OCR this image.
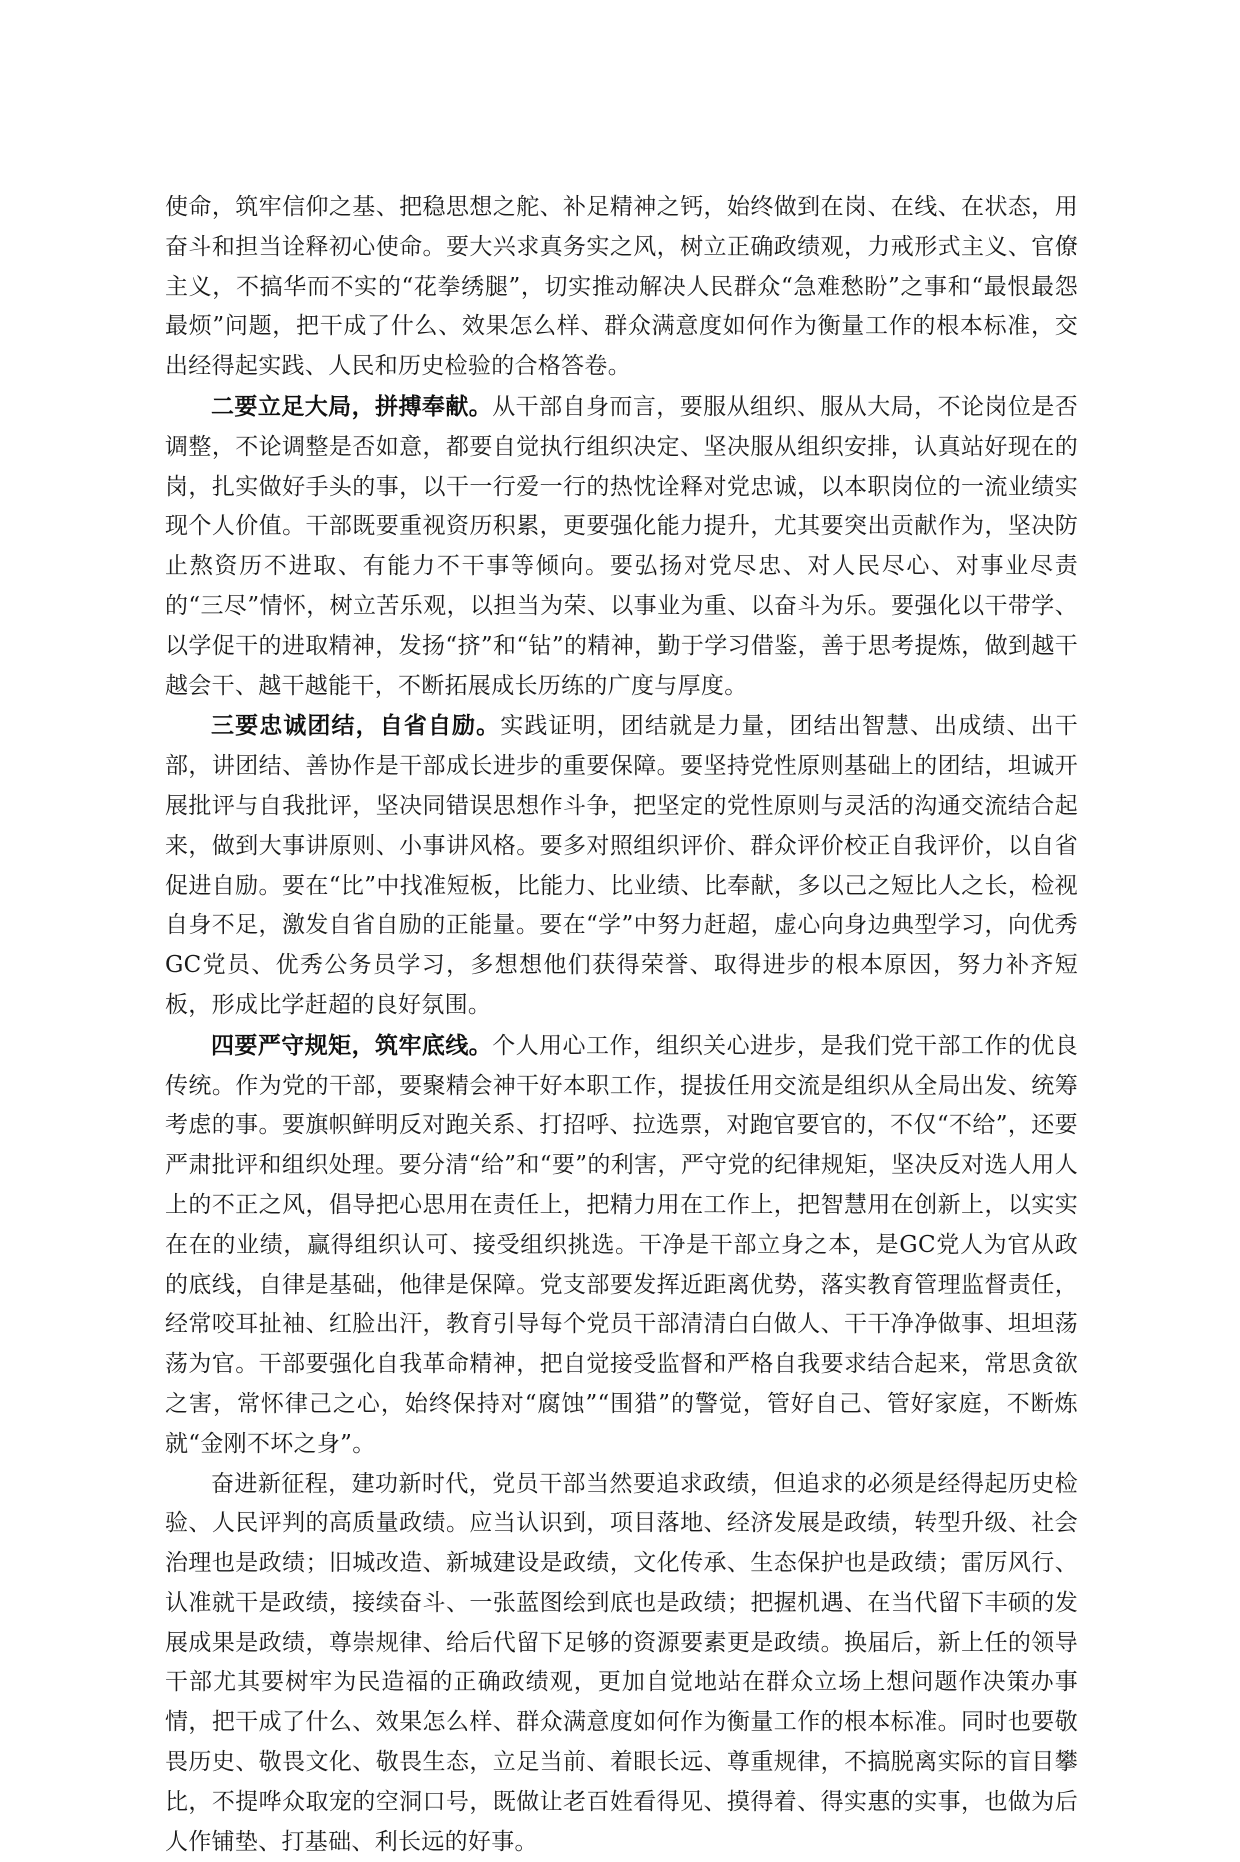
使命，筑牢信仰之基、把稳思想之舵、补足精神之钙，始终做到在岗、在线、在状态，用奋斗和担当诠释初心使命。要大兴求真务实之风，树立正确政绩观，力戒形式主义、官僚主义，不搞华而不实的“花拳绣腿”，切实推动解决人民群众“急难愁盼”之事和“最恨最怨最烦”问题，把干成了什么、效果怎么样、群众满意度如何作为衡量工作的根本标准，交出经得起实践、人民和历史检验的合格答卷。

二要立足大局，拼搏奉献。从干部自身而言，要服从组织、服从大局，不论岗位是否调整，不论调整是否如意，都要自觉执行组织决定、坚决服从组织安排，认真站好现在的岗，扎实做好手头的事，以干一行爱一行的热忱诠释对党忠诚，以本职岗位的一流业绩实现个人价值。干部既要重视资历积累，更要强化能力提升，尤其要突出贡献作为，坚决防止熬资历不进取、有能力不干事等倾向。要弘扬对党尽忠、对人民尽心、对事业尽责的“三尽”情怀，树立苦乐观，以担当为荣、以事业为重、以奋斗为乐。要强化以干带学、以学促干的进取精神，发扬“挤”和“钻”的精神，勤于学习借鉴，善于思考提炼，做到越干越会干、越干越能干，不断拓展成长历练的广度与厚度。

三要忠诚团结，自省自励。实践证明，团结就是力量，团结出智慧、出成绩、出干部，讲团结、善协作是干部成长进步的重要保障。要坚持党性原则基础上的团结，坦诚开展批评与自我批评，坚决同错误思想作斗争，把坚定的党性原则与灵活的沟通交流结合起来，做到大事讲原则、小事讲风格。要多对照组织评价、群众评价校正自我评价，以自省促进自励。要在“比”中找准短板，比能力、比业绩、比奉献，多以己之短比人之长，检视自身不足，激发自省自励的正能量。要在“学”中努力赶超，虚心向身边典型学习，向优秀GC党员、优秀公务员学习，多想想他们获得荣誉、取得进步的根本原因，努力补齐短板，形成比学赶超的良好氛围。

四要严守规矩，筑牢底线。个人用心工作，组织关心进步，是我们党干部工作的优良传统。作为党的干部，要聚精会神干好本职工作，提拔任用交流是组织从全局出发、统筹考虑的事。要旗帜鲜明反对跑关系、打招呼、拉选票，对跑官要官的，不仅“不给”，还要严肃批评和组织处理。要分清“给”和“要”的利害，严守党的纪律规矩，坚决反对选人用人上的不正之风，倡导把心思用在责任上，把精力用在工作上，把智慧用在创新上，以实实在在的业绩，赢得组织认可、接受组织挑选。干净是干部立身之本，是GC党人为官从政的底线，自律是基础，他律是保障。党支部要发挥近距离优势，落实教育管理监督责任，经常咬耳扯袖、红脸出汗，教育引导每个党员干部清清白白做人、干干净净做事、坦坦荡荡为官。干部要强化自我革命精神，把自觉接受监督和严格自我要求结合起来，常思贪欲之害，常怀律己之心，始终保持对“腐蚀”“围猎”的警觉，管好自己、管好家庭，不断炼就“金刚不坏之身”。

奋进新征程，建功新时代，党员干部当然要追求政绩，但追求的必须是经得起历史检验、人民评判的高质量政绩。应当认识到，项目落地、经济发展是政绩，转型升级、社会治理也是政绩；旧城改造、新城建设是政绩，文化传承、生态保护也是政绩；雷厉风行、认准就干是政绩，接续奋斗、一张蓝图绘到底也是政绩；把握机遇、在当代留下丰硕的发展成果是政绩，尊崇规律、给后代留下足够的资源要素更是政绩。换届后，新上任的领导干部尤其要树牢为民造福的正确政绩观，更加自觉地站在群众立场上想问题作决策办事情，把干成了什么、效果怎么样、群众满意度如何作为衡量工作的根本标准。同时也要敬畏历史、敬畏文化、敬畏生态，立足当前、着眼长远、尊重规律，不搞脱离实际的盲目攀比，不提哗众取宠的空洞口号，既做让老百姓看得见、摸得着、得实惠的实事，也做为后人作铺垫、打基础、利长远的好事。
